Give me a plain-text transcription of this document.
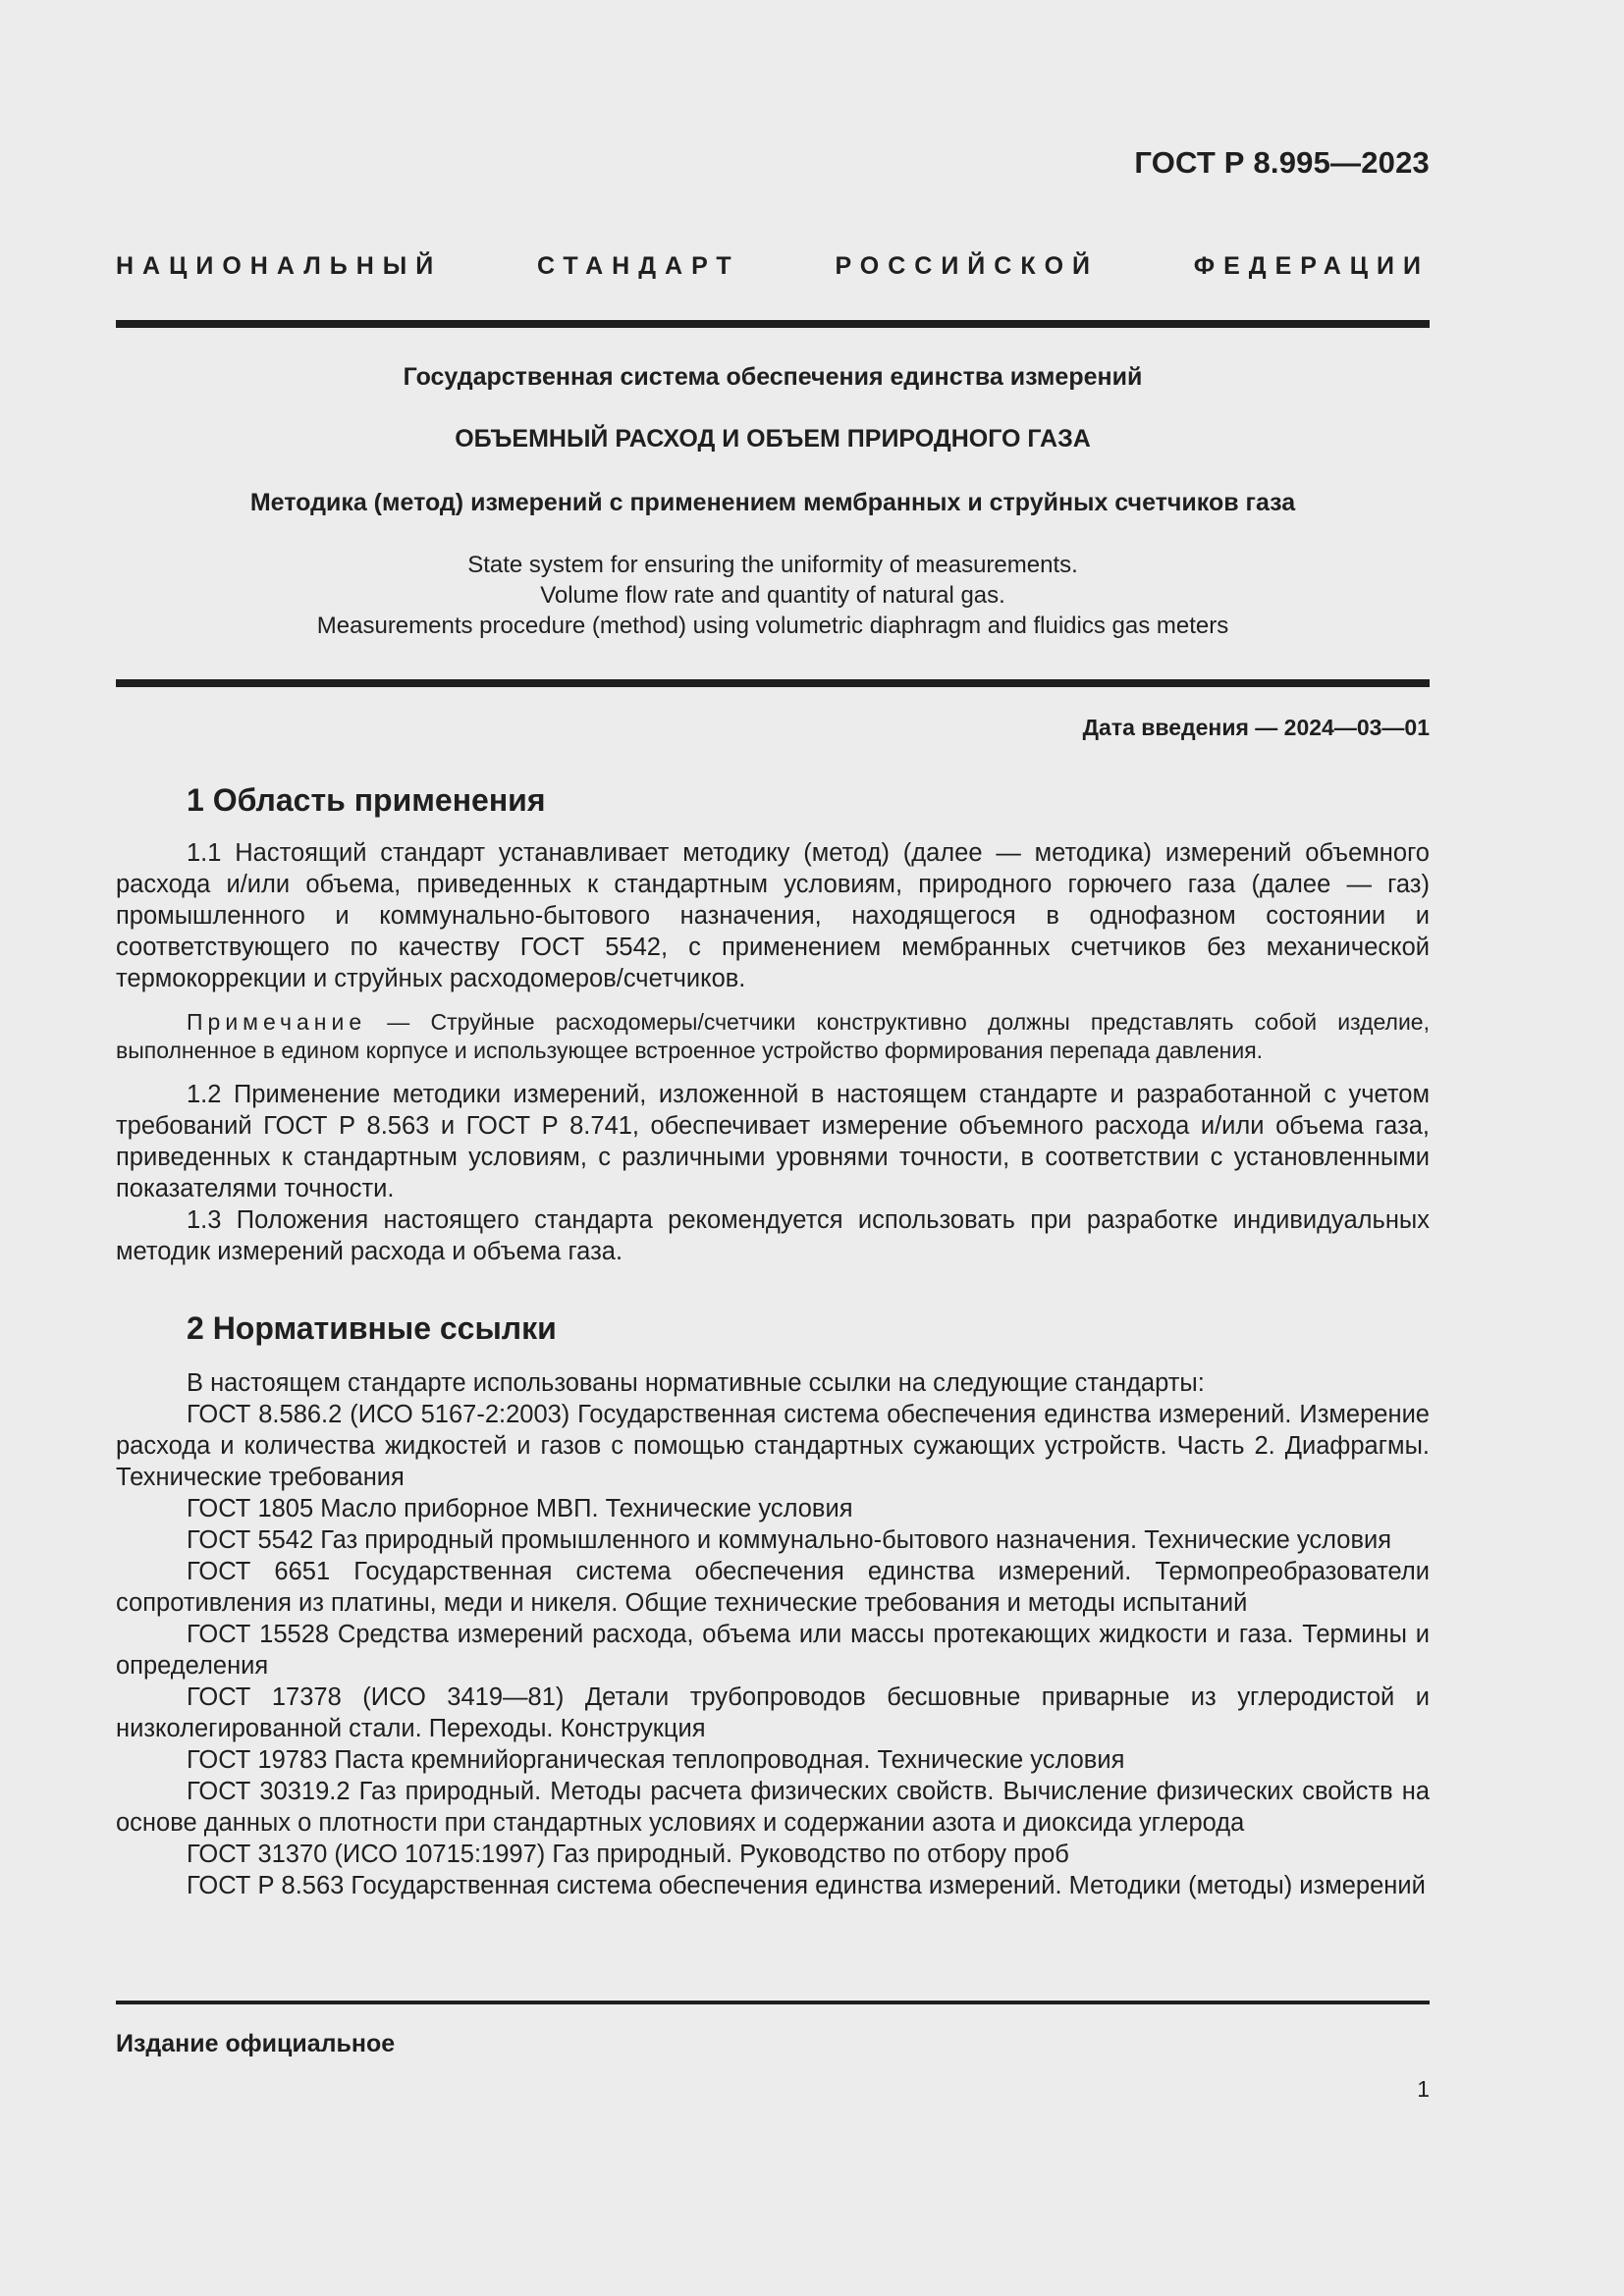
ГОСТ Р 8.995—2023
НАЦИОНАЛЬНЫЙ СТАНДАРТ РОССИЙСКОЙ ФЕДЕРАЦИИ
Государственная система обеспечения единства измерений
ОБЪЕМНЫЙ РАСХОД И ОБЪЕМ ПРИРОДНОГО ГАЗА
Методика (метод) измерений с применением мембранных и струйных счетчиков газа
State system for ensuring the uniformity of measurements.
Volume flow rate and quantity of natural gas.
Measurements procedure (method) using volumetric diaphragm and fluidics gas meters
Дата введения — 2024—03—01
1 Область применения

1.1 Настоящий стандарт устанавливает методику (метод) (далее — методика) измерений объемного расхода и/или объема, приведенных к стандартным условиям, природного горючего газа (далее — газ) промышленного и коммунально-бытового назначения, находящегося в однофазном состоянии и соответствующего по качеству ГОСТ 5542, с применением мембранных счетчиков без механической термокоррекции и струйных расходомеров/счетчиков.

Примечание — Струйные расходомеры/счетчики конструктивно должны представлять собой изделие, выполненное в едином корпусе и использующее встроенное устройство формирования перепада давления.

1.2 Применение методики измерений, изложенной в настоящем стандарте и разработанной с учетом требований ГОСТ Р 8.563 и ГОСТ Р 8.741, обеспечивает измерение объемного расхода и/или объема газа, приведенных к стандартным условиям, с различными уровнями точности, в соответствии с установленными показателями точности.

1.3 Положения настоящего стандарта рекомендуется использовать при разработке индивидуальных методик измерений расхода и объема газа.

2 Нормативные ссылки

В настоящем стандарте использованы нормативные ссылки на следующие стандарты:

ГОСТ 8.586.2 (ИСО 5167-2:2003) Государственная система обеспечения единства измерений. Измерение расхода и количества жидкостей и газов с помощью стандартных сужающих устройств. Часть 2. Диафрагмы. Технические требования

ГОСТ 1805 Масло приборное МВП. Технические условия

ГОСТ 5542 Газ природный промышленного и коммунально-бытового назначения. Технические условия

ГОСТ 6651 Государственная система обеспечения единства измерений. Термопреобразователи сопротивления из платины, меди и никеля. Общие технические требования и методы испытаний

ГОСТ 15528 Средства измерений расхода, объема или массы протекающих жидкости и газа. Термины и определения

ГОСТ 17378 (ИСО 3419—81) Детали трубопроводов бесшовные приварные из углеродистой и низколегированной стали. Переходы. Конструкция

ГОСТ 19783 Паста кремнийорганическая теплопроводная. Технические условия

ГОСТ 30319.2 Газ природный. Методы расчета физических свойств. Вычисление физических свойств на основе данных о плотности при стандартных условиях и содержании азота и диоксида углерода

ГОСТ 31370 (ИСО 10715:1997) Газ природный. Руководство по отбору проб

ГОСТ Р 8.563 Государственная система обеспечения единства измерений. Методики (методы) измерений

Издание официальное
1
